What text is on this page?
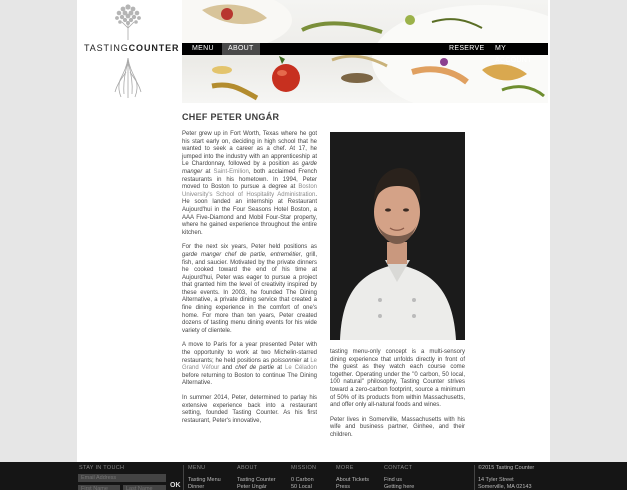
TASTINGCOUNTER	MENU	ABOUT	RESERVE	MY ACCOUNT
CHEF PETER UNGÁR

Peter grew up in Fort Worth, Texas where he got his start early on, deciding in high school that he wanted to seek a career as a chef. At 17, he jumped into the industry with an apprenticeship at Le Chardonnay, followed by a position as garde manger at Saint-Emilion, both acclaimed French restaurants in his hometown. In 1994, Peter moved to Boston to pursue a degree at Boston University's School of Hospitality Administration. He soon landed an internship at Restaurant Aujourd'hui in the Four Seasons Hotel Boston, a AAA Five-Diamond and Mobil Four-Star property, where he gained experience throughout the entire kitchen.

For the next six years, Peter held positions as garde manger chef de partie, entremétier, grill, fish, and saucier. Motivated by the private dinners he cooked toward the end of his time at Aujourd'hui, Peter was eager to pursue a project that granted him the level of creativity inspired by these events. In 2003, he founded The Dining Alternative, a private dining service that created a fine dining experience in the comfort of one's home. For more than ten years, Peter created dozens of tasting menu dining events for his wide variety of clientele.

A move to Paris for a year presented Peter with the opportunity to work at two Michelin-starred restaurants; he held positions as poissonnier at Le Grand Véfour and chef de partie at Le Céladon before returning to Boston to continue The Dining Alternative.

In summer 2014, Peter, determined to parlay his extensive experience back into a restaurant setting, founded Tasting Counter. As his first restaurant, Peter's innovative,

tasting menu-only concept is a multi-sensory dining experience that unfolds directly in front of the guest as they watch each course come together. Operating under the "0 carbon, 50 local, 100 natural" philosophy, Tasting Counter strives toward a zero-carbon footprint, source a minimum of 50% of its products from within Massachusetts, and offer only all-natural foods and wines.

Peter lives in Somerville, Massachusetts with his wife and business partner, Ginhee, and their children.

STAY IN TOUCH
Email Address
First Name
Last Name
OK
MENU
Tasting Menu
Dinner
ABOUT
Tasting Counter
Peter Ungár
MISSION
0 Carbon
50 Local
MORE
About Tickets
Press
CONTACT
Find us
Getting here
©2015 Tasting Counter
14 Tyler Street
Somerville, MA 02143
